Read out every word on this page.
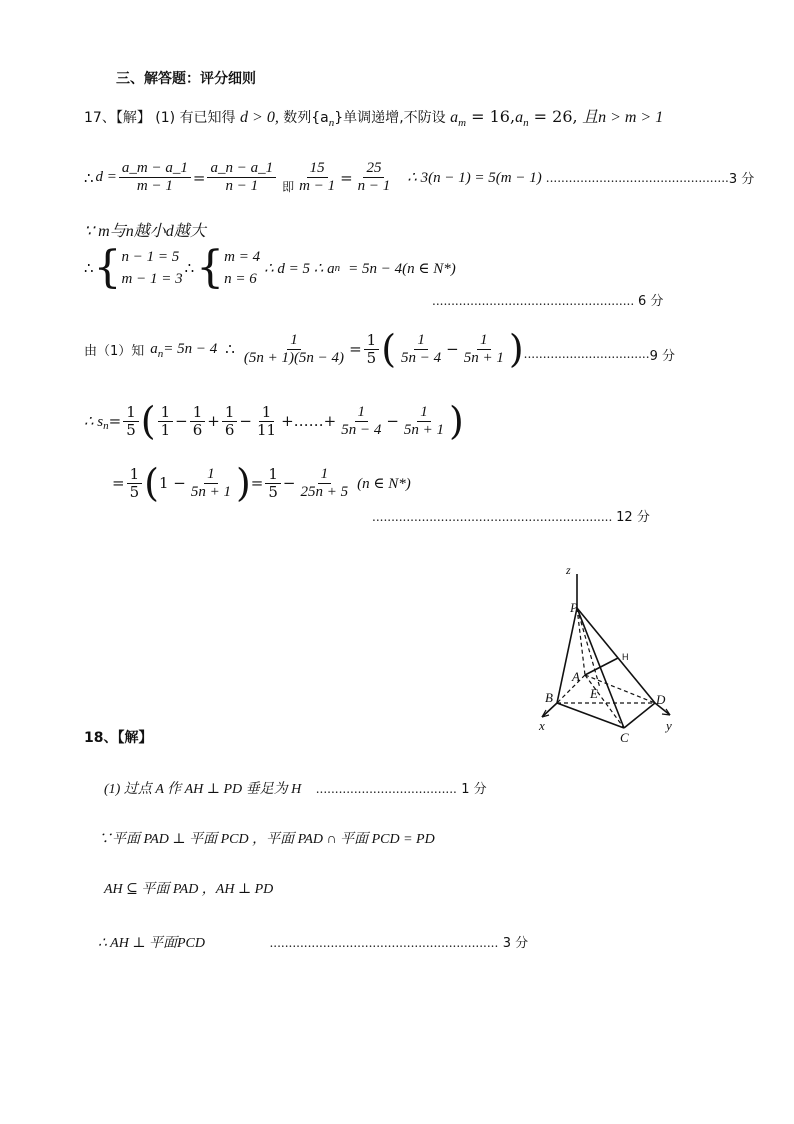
三、解答题：评分细则
17、【解】 (1) 有已知得 d > 0, 数列$\{a_n\}$单调递增,不防设 $a_m = 16,a_n = 26$, 且n > m > 1
∴ $d = \frac{a\_m - a\_1}{m - 1} = \frac{a\_n - a\_1}{n - 1}$ 即 $\frac{15}{m - 1} = \frac{25}{n - 1}$ ∴ 3(n − 1) = 5(m − 1) ................................................ 3 分
∵ m与n越小d越大
∴ { n − 1 = 5
m − 1 = 3
∴ { m = 4
n = 6
∴ d = 5 ∴ a n = 5n − 4(n ∈ N*)
..................................................... 6 分
由（1）知 $a_n = 5n - 4$ ∴ $\frac{1}{(5n + 1)(5n - 4)} = \frac{1}{5}$ ( $\frac{1}{5n - 4} - \frac{1}{5n + 1}$ ) ................................. 9 分
∴ $s_n = \frac{1}{5}$ ( $\frac{1}{1} - \frac{1}{6} + \frac{1}{6} - \frac{1}{11}$ +……+ $\frac{1}{5n - 4} - \frac{1}{5n + 1}$ )
= $\frac{1}{5}$ ( $1 - \frac{1}{5n + 1}$ ) = $\frac{1}{5} - \frac{1}{25n + 5} (n$ ∈ N*)
............................................................... 12 分
z
P
H
A
E
B	D
C
x	y
18、【解】
(1) 过点 A 作 AH ⊥ PD 垂足为 H ..................................... 1 分
∵平面 PAD ⊥ 平面 PCD ，平面 PAD ∩ 平面 PCD = PD
AH ⊆ 平面 PAD ，AH ⊥ PD
∴ AH ⊥ 平面PCD	............................................................ 3 分
